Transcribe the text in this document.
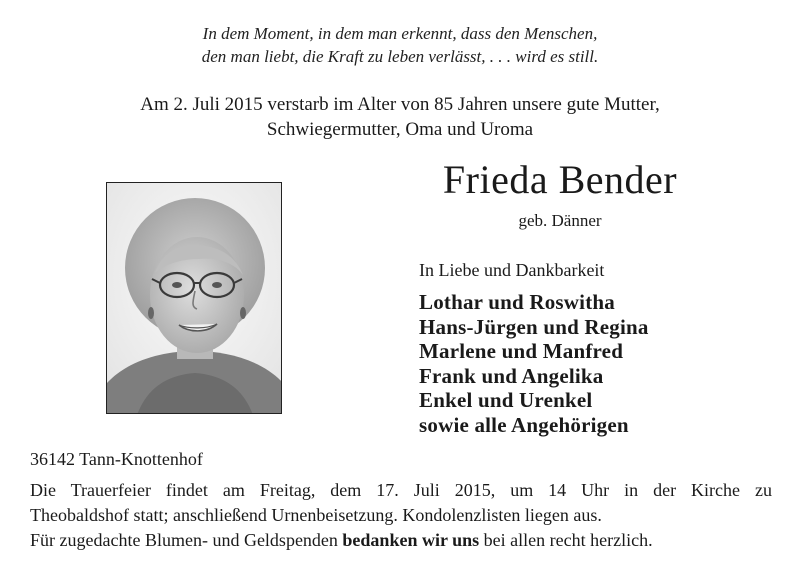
In dem Moment, in dem man erkennt, dass den Menschen,
den man liebt, die Kraft zu leben verlässt, . . . wird es still.
Am 2. Juli 2015 verstarb im Alter von 85 Jahren unsere gute Mutter,
Schwiegermutter, Oma und Uroma
Frieda Bender
geb. Dänner
In Liebe und Dankbarkeit
Lothar und Roswitha
Hans-Jürgen und Regina
Marlene und Manfred
Frank und Angelika
Enkel und Urenkel
sowie alle Angehörigen
36142 Tann-Knottenhof
Die Trauerfeier findet am Freitag, dem 17. Juli 2015, um 14 Uhr in der Kirche zu
Theobaldshof statt; anschließend Urnenbeisetzung. Kondolenzlisten liegen aus.
Für zugedachte Blumen- und Geldspenden bedanken wir uns bei allen recht herzlich.
